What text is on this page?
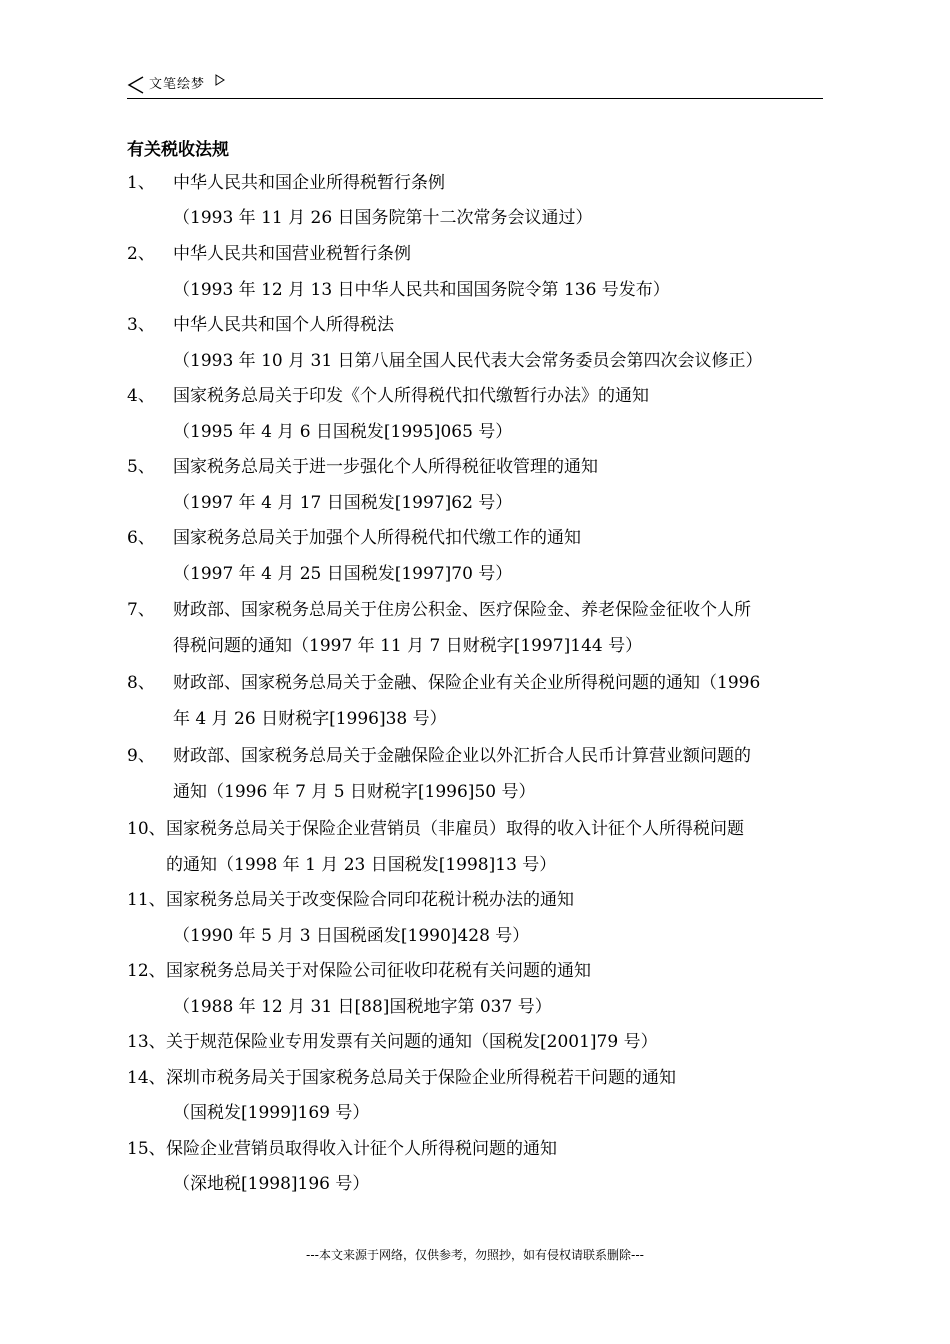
文笔绘梦
有关税收法规
1、 中华人民共和国企业所得税暂行条例
（1993 年 11 月 26 日国务院第十二次常务会议通过）
2、 中华人民共和国营业税暂行条例
（1993 年 12 月 13 日中华人民共和国国务院令第 136 号发布）
3、 中华人民共和国个人所得税法
（1993 年 10 月 31 日第八届全国人民代表大会常务委员会第四次会议修正）
4、 国家税务总局关于印发《个人所得税代扣代缴暂行办法》的通知
（1995 年 4 月 6 日国税发[1995]065 号）
5、 国家税务总局关于进一步强化个人所得税征收管理的通知
（1997 年 4 月 17 日国税发[1997]62 号）
6、 国家税务总局关于加强个人所得税代扣代缴工作的通知
（1997 年 4 月 25 日国税发[1997]70 号）
7、 财政部、国家税务总局关于住房公积金、医疗保险金、养老保险金征收个人所
得税问题的通知（1997 年 11 月 7 日财税字[1997]144 号）
8、 财政部、国家税务总局关于金融、保险企业有关企业所得税问题的通知（1996
年 4 月 26 日财税字[1996]38 号）
9、 财政部、国家税务总局关于金融保险企业以外汇折合人民币计算营业额问题的
通知（1996 年 7 月 5 日财税字[1996]50 号）
10、 国家税务总局关于保险企业营销员（非雇员）取得的收入计征个人所得税问题
的通知（1998 年 1 月 23 日国税发[1998]13 号）
11、 国家税务总局关于改变保险合同印花税计税办法的通知
（1990 年 5 月 3 日国税函发[1990]428 号）
12、 国家税务总局关于对保险公司征收印花税有关问题的通知
（1988 年 12 月 31 日[88]国税地字第 037 号）
13、 关于规范保险业专用发票有关问题的通知（国税发[2001]79 号）
14、 深圳市税务局关于国家税务总局关于保险企业所得税若干问题的通知
（国税发[1999]169 号）
15、 保险企业营销员取得收入计征个人所得税问题的通知
（深地税[1998]196 号）
---本文来源于网络，仅供参考，勿照抄，如有侵权请联系删除---
